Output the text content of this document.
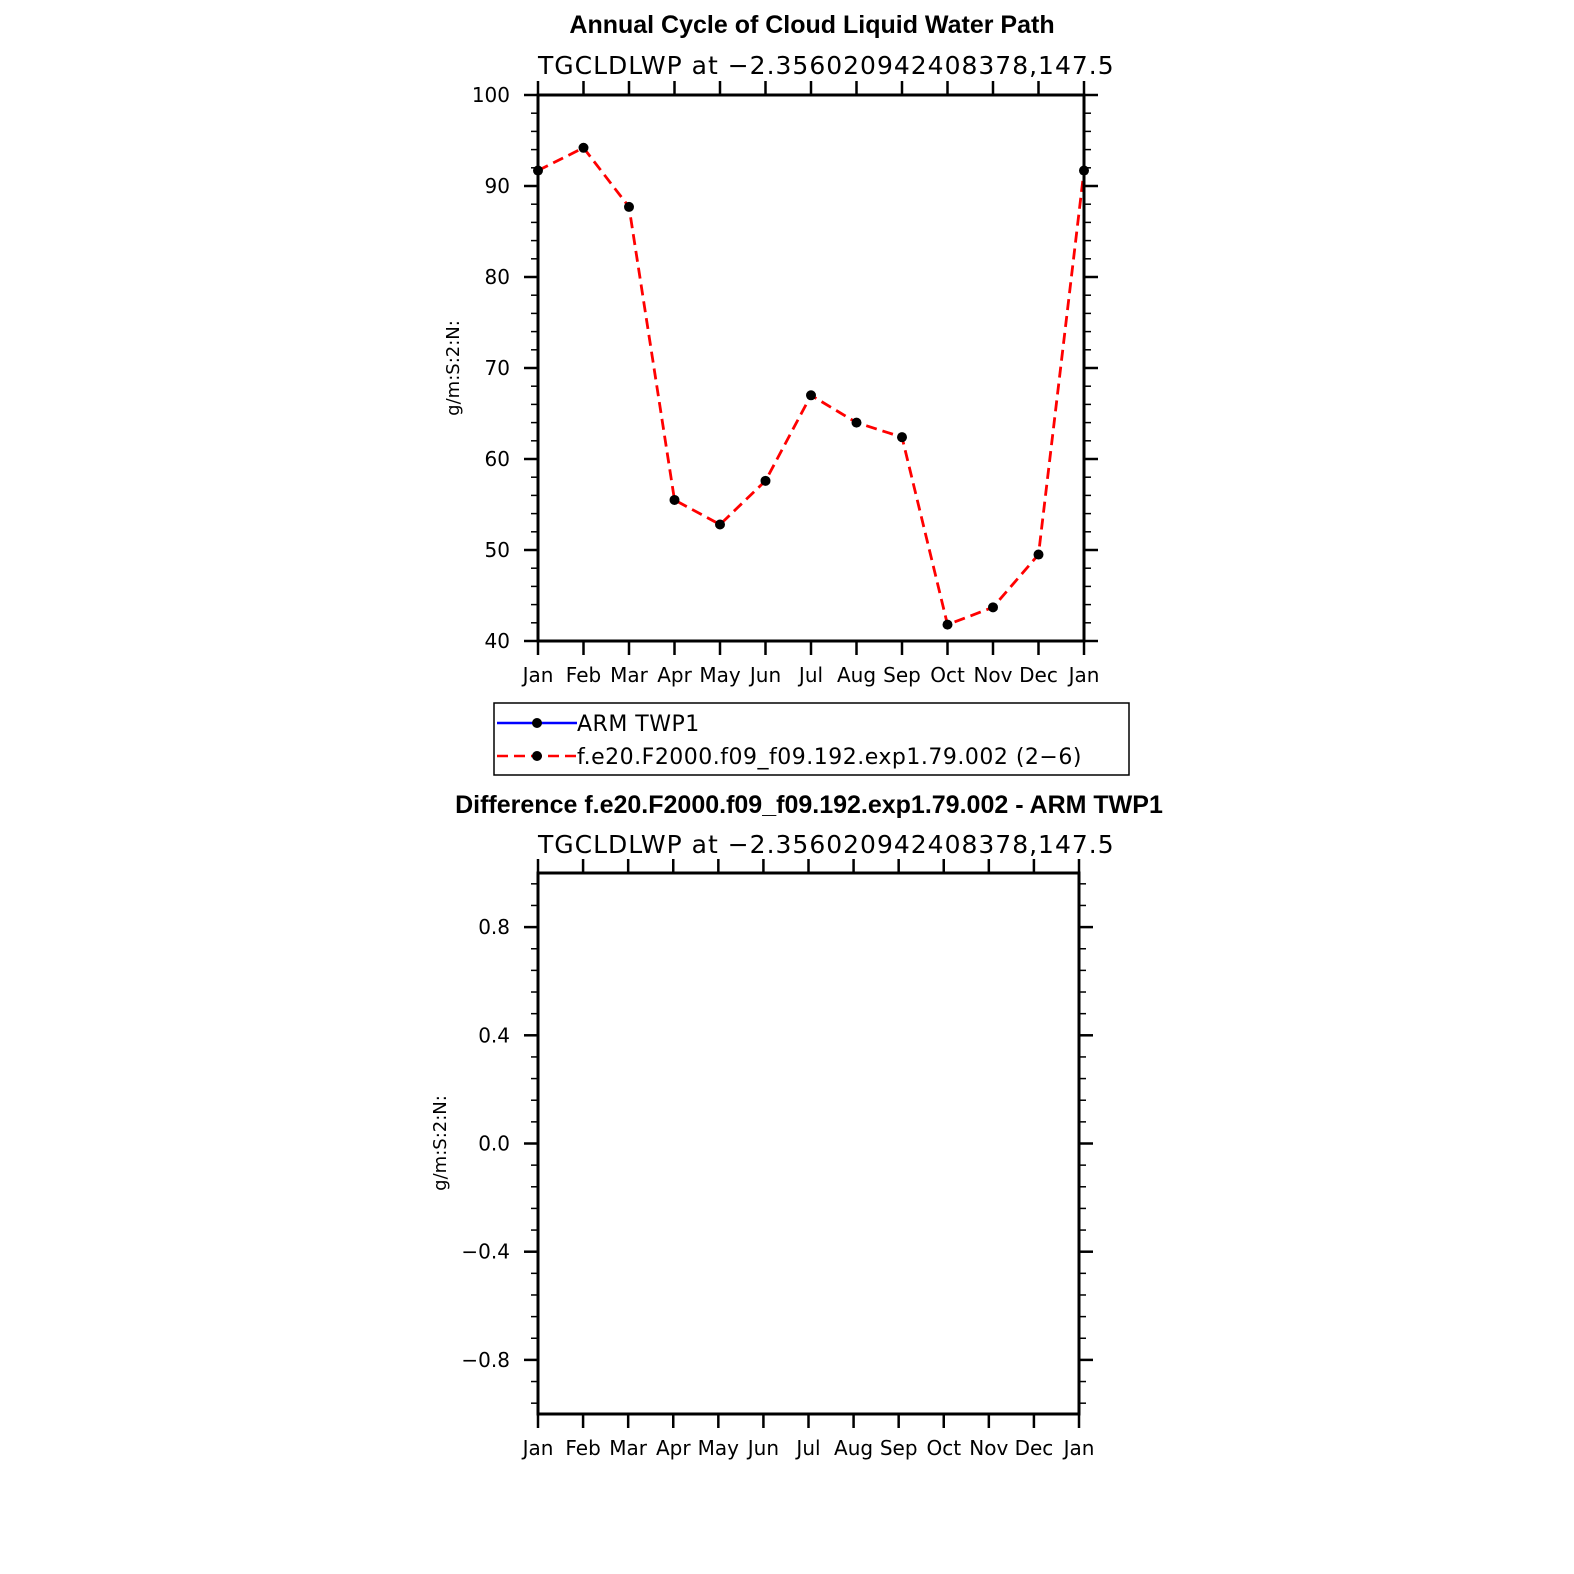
Annual Cycle of Cloud Liquid Water Path
TGCLDLWP at −2.356020942408378,147.5
g/m:S:2:N:
40
50
60
70
80
90
100
Jan Feb Mar Apr May Jun Jul Aug Sep Oct Nov Dec Jan
ARM TWP1
f.e20.F2000.f09_f09.192.exp1.79.002 (2−6)
Difference f.e20.F2000.f09_f09.192.exp1.79.002 - ARM TWP1
TGCLDLWP at −2.356020942408378,147.5
g/m:S:2:N:
−0.8
−0.4
0.0
0.4
0.8
Jan Feb Mar Apr May Jun Jul Aug Sep Oct Nov Dec Jan
